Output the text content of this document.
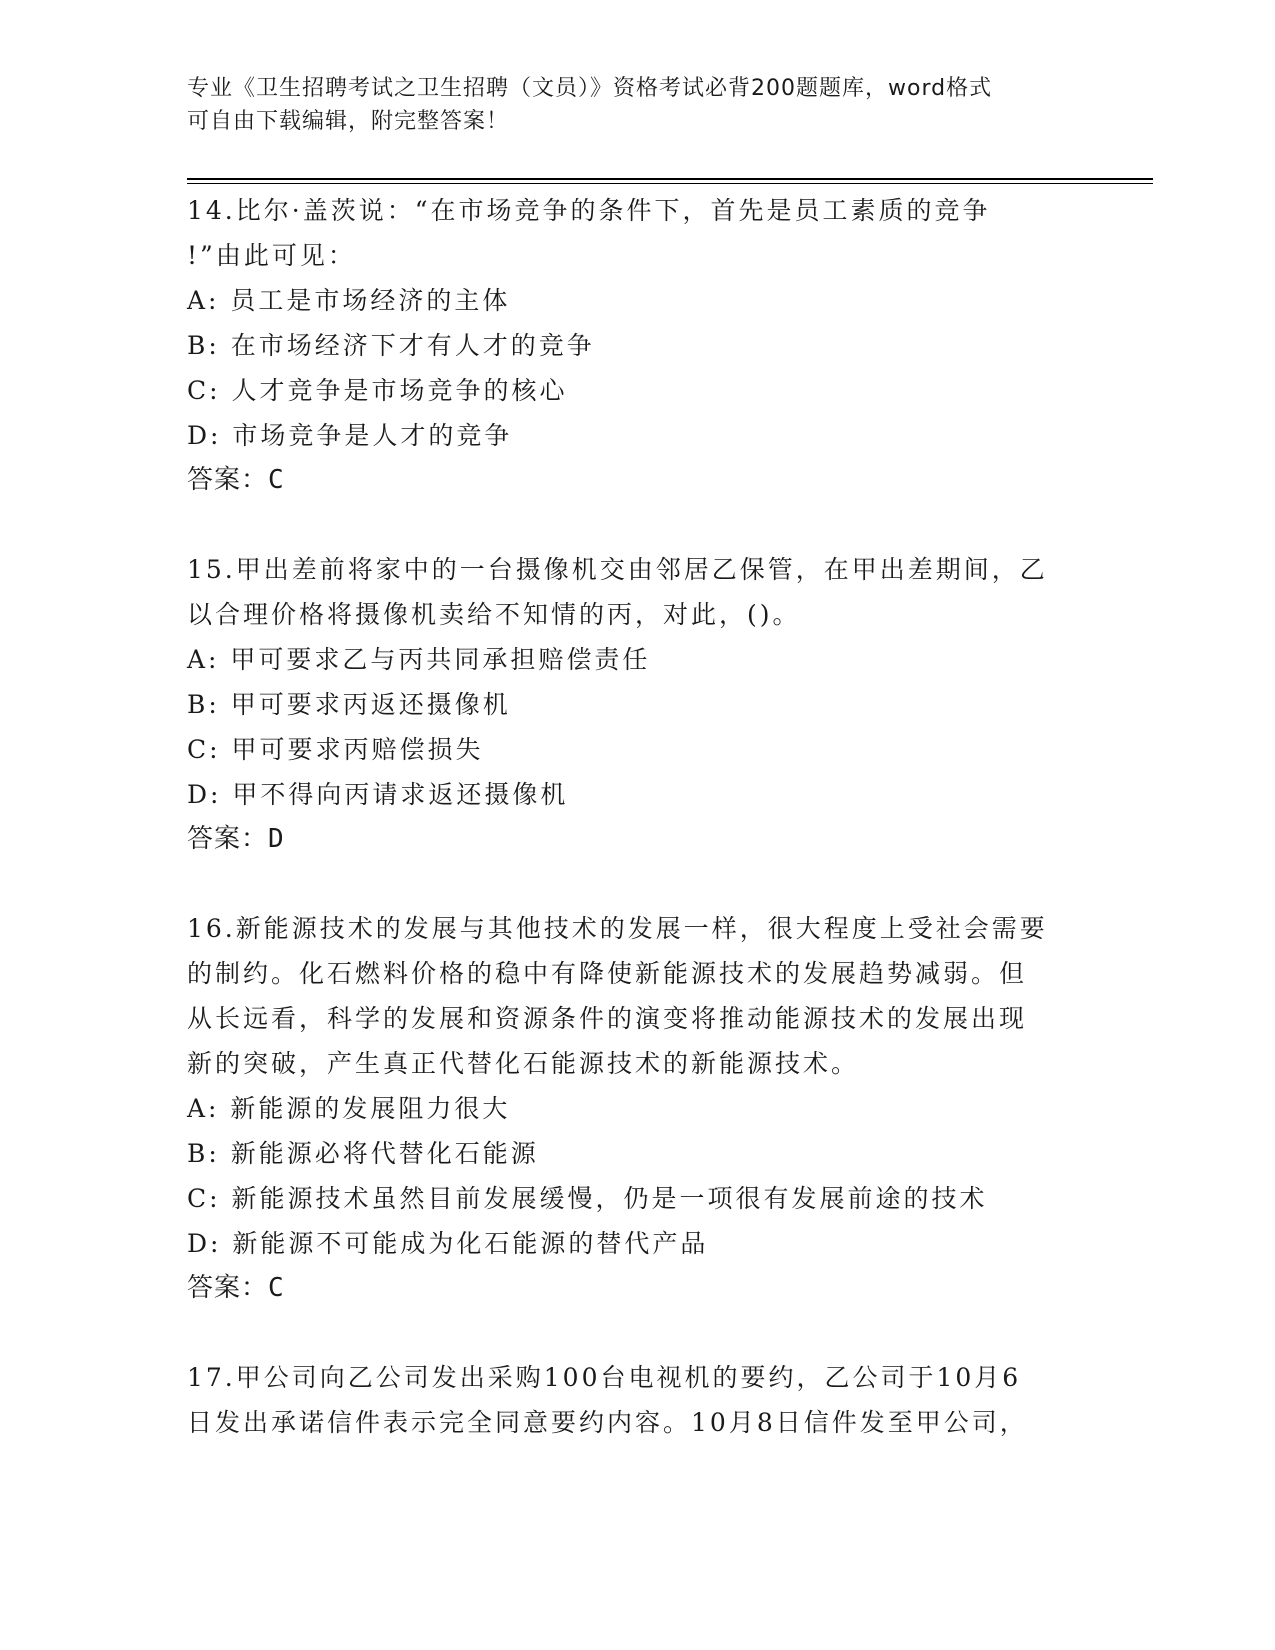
专业《卫生招聘考试之卫生招聘（文员）》资格考试必背200题题库，word格式
可自由下载编辑，附完整答案！
14.比尔·盖茨说：“在市场竞争的条件下，首先是员工素质的竞争
!”由此可见：
A: 员工是市场经济的主体
B: 在市场经济下才有人才的竞争
C: 人才竞争是市场竞争的核心
D: 市场竞争是人才的竞争
答案：C
15.甲出差前将家中的一台摄像机交由邻居乙保管，在甲出差期间，乙
以合理价格将摄像机卖给不知情的丙，对此，()。
A: 甲可要求乙与丙共同承担赔偿责任
B: 甲可要求丙返还摄像机
C: 甲可要求丙赔偿损失
D: 甲不得向丙请求返还摄像机
答案：D
16.新能源技术的发展与其他技术的发展一样，很大程度上受社会需要
的制约。化石燃料价格的稳中有降使新能源技术的发展趋势减弱。但
从长远看，科学的发展和资源条件的演变将推动能源技术的发展出现
新的突破，产生真正代替化石能源技术的新能源技术。
A: 新能源的发展阻力很大
B: 新能源必将代替化石能源
C: 新能源技术虽然目前发展缓慢，仍是一项很有发展前途的技术
D: 新能源不可能成为化石能源的替代产品
答案：C
17.甲公司向乙公司发出采购100台电视机的要约，乙公司于10月6
日发出承诺信件表示完全同意要约内容。10月8日信件发至甲公司，
